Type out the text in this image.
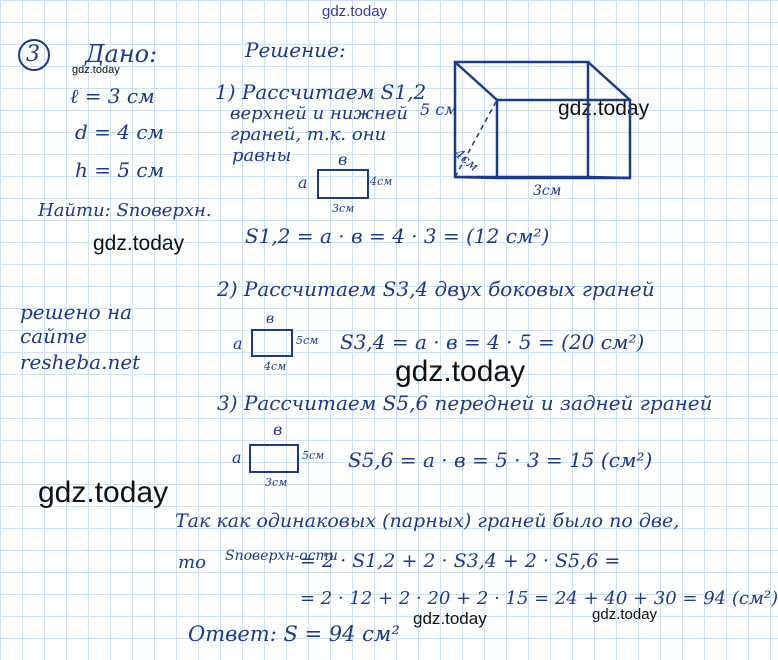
gdz.today
gdz.today
gdz.today
gdz.today
gdz.today
gdz.today
gdz.today	gdz.today
3 Дано:
ℓ = 3 см
d = 4 см
h = 5 см
Найти: Sповерхн.
решено на
сайте
resheba.net
Решение:
1) Рассчитаем S1,2
верхней и нижней
граней, т.к. они
равны	в
a	4см
3см
S1,2 = a · в = 4 · 3 = (12 см²)
2) Рассчитаем S3,4 двух боковых граней
в
a	5см
4см
S3,4 = a · в = 4 · 5 = (20 см²)
3) Рассчитаем S5,6 передней и задней граней
в
a	5см
3см
S5,6 = a · в = 5 · 3 = 15 (см²)
Так как одинаковых (парных) граней было по две,
то Sповерхн-ости
= 2 · S1,2 + 2 · S3,4 + 2 · S5,6 =
= 2 · 12 + 2 · 20 + 2 · 15 = 24 + 40 + 30 = 94 (см²)
Ответ: S = 94 см²
5 см
4см
3см
